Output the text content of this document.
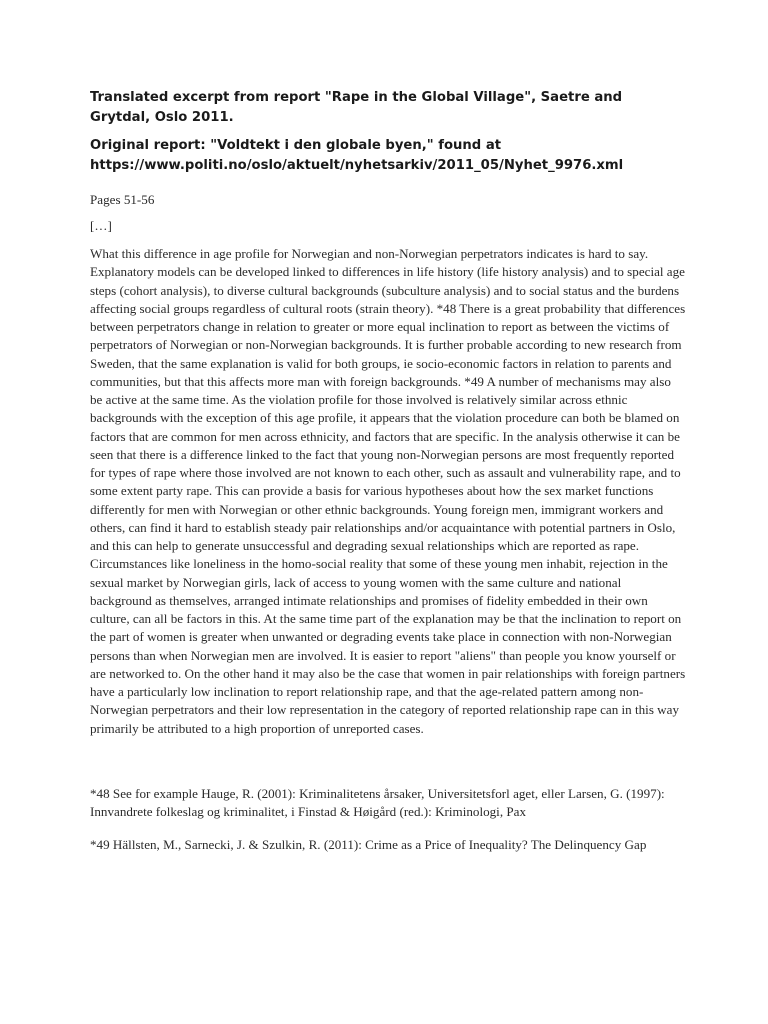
Translated excerpt from report "Rape in the Global Village", Saetre and Grytdal, Oslo 2011.

Original report: "Voldtekt i den globale byen," found at https://www.politi.no/oslo/aktuelt/nyhetsarkiv/2011_05/Nyhet_9976.xml

Pages 51-56

[…]

What this difference in age profile for Norwegian and non-Norwegian perpetrators indicates is hard to say. Explanatory models can be developed linked to differences in life history (life history analysis) and to special age steps (cohort analysis), to diverse cultural backgrounds (subculture analysis) and to social status and the burdens affecting social groups regardless of cultural roots (strain theory). *48 There is a great probability that differences between perpetrators change in relation to greater or more equal inclination to report as between the victims of perpetrators of Norwegian or non-Norwegian backgrounds. It is further probable according to new research from Sweden, that the same explanation is valid for both groups, ie socio-economic factors in relation to parents and communities, but that this affects more man with foreign backgrounds. *49 A number of mechanisms may also be active at the same time. As the violation profile for those involved is relatively similar across ethnic backgrounds with the exception of this age profile, it appears that the violation procedure can both be blamed on factors that are common for men across ethnicity, and factors that are specific. In the analysis otherwise it can be seen that there is a difference linked to the fact that young non-Norwegian persons are most frequently reported for types of rape where those involved are not known to each other, such as assault and vulnerability rape, and to some extent party rape. This can provide a basis for various hypotheses about how the sex market functions differently for men with Norwegian or other ethnic backgrounds. Young foreign men, immigrant workers and others, can find it hard to establish steady pair relationships and/or acquaintance with potential partners in Oslo, and this can help to generate unsuccessful and degrading sexual relationships which are reported as rape. Circumstances like loneliness in the homo-social reality that some of these young men inhabit, rejection in the sexual market by Norwegian girls, lack of access to young women with the same culture and national background as themselves, arranged intimate relationships and promises of fidelity embedded in their own culture, can all be factors in this. At the same time part of the explanation may be that the inclination to report on the part of women is greater when unwanted or degrading events take place in connection with non-Norwegian persons than when Norwegian men are involved. It is easier to report "aliens" than people you know yourself or are networked to. On the other hand it may also be the case that women in pair relationships with foreign partners have a particularly low inclination to report relationship rape, and that the age-related pattern among non-Norwegian perpetrators and their low representation in the category of reported relationship rape can in this way primarily be attributed to a high proportion of unreported cases.

*48 See for example Hauge, R. (2001): Kriminalitetens årsaker, Universitetsforl aget, eller Larsen, G. (1997): Innvandrete folkeslag og kriminalitet, i Finstad & Høigård (red.): Kriminologi, Pax

*49 Hällsten, M., Sarnecki, J. & Szulkin, R. (2011): Crime as a Price of Inequality? The Delinquency Gap
